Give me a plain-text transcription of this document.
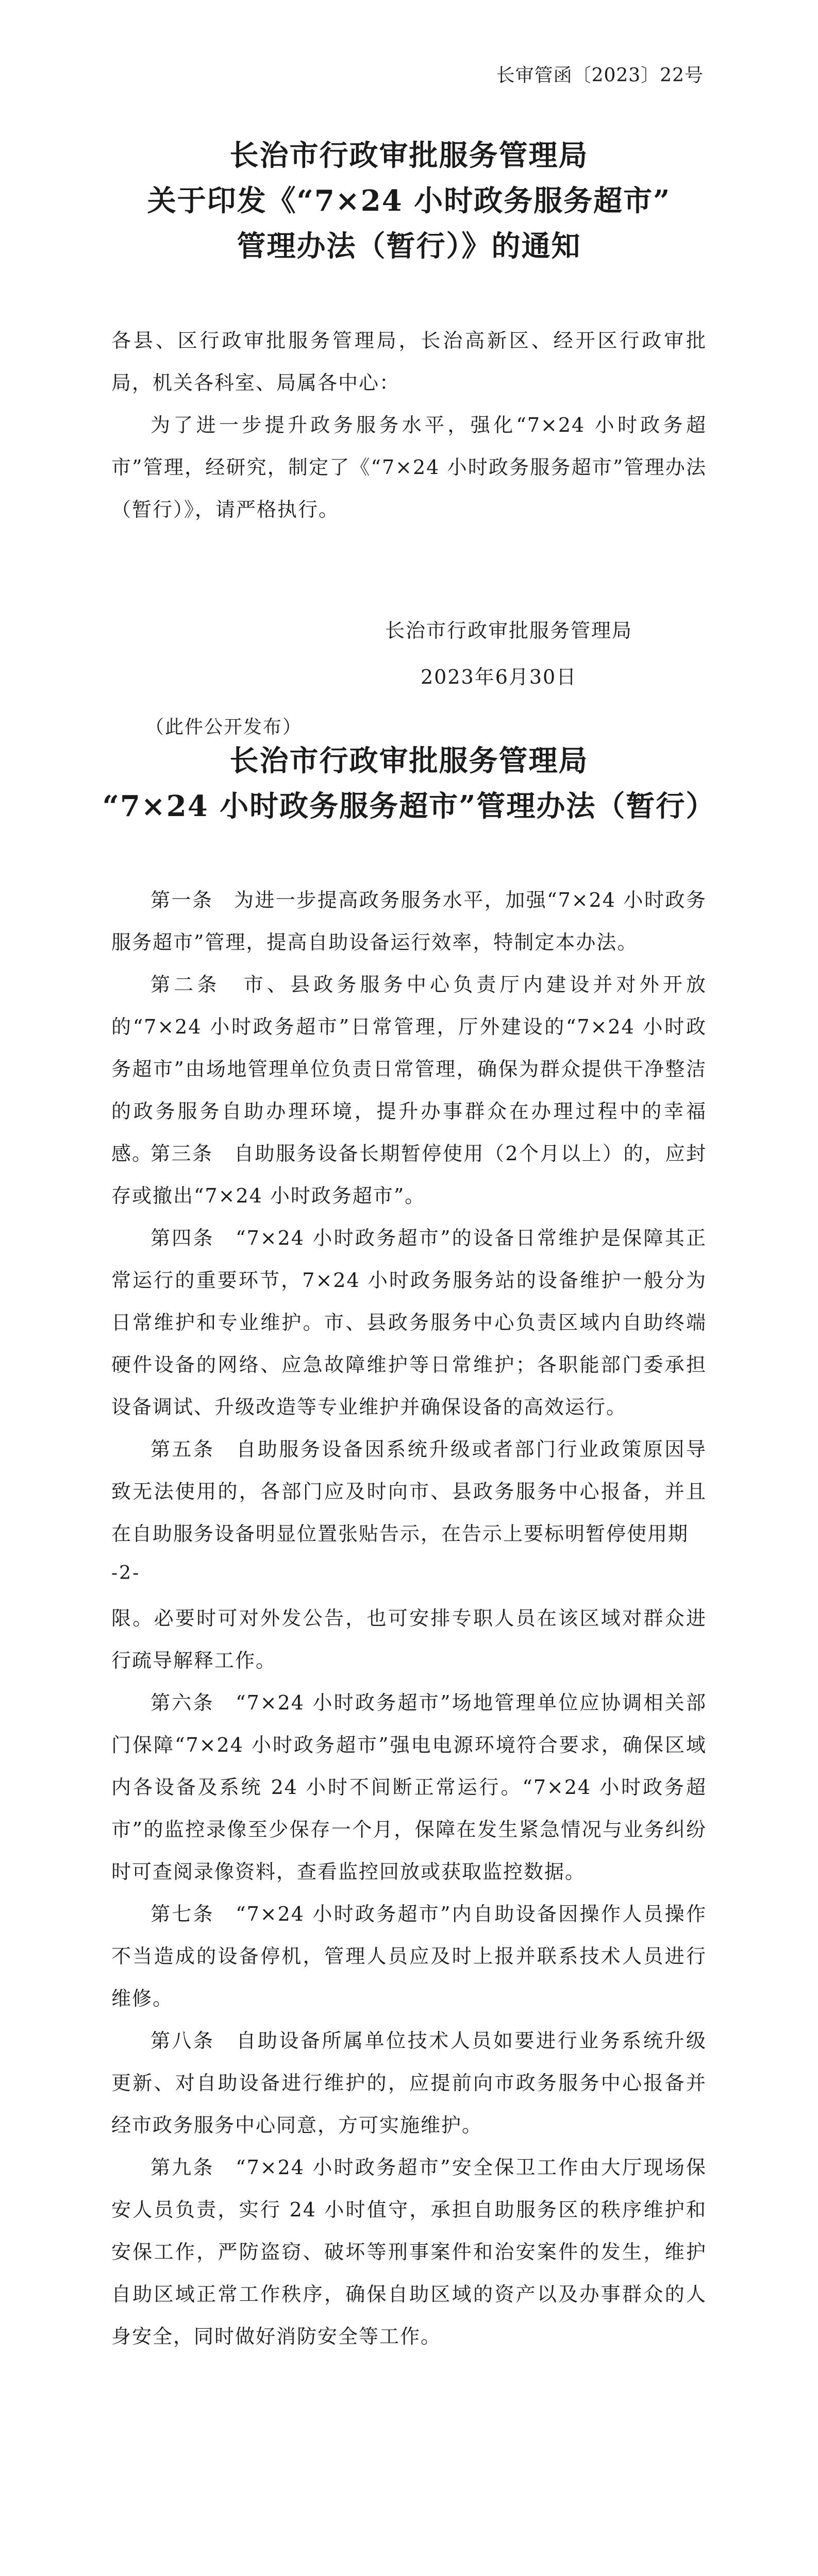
长审管函〔2023〕22号

长治市行政审批服务管理局

关于印发《“7×24 小时政务服务超市”

管理办法（暂行）》的通知

各县、区行政审批服务管理局，长治高新区、经开区行政审批局，机关各科室、局属各中心：

为了进一步提升政务服务水平，强化“7×24 小时政务超市”管理，经研究，制定了《“7×24 小时政务服务超市”管理办法（暂行）》，请严格执行。

长治市行政审批服务管理局
2023年6月30日
（此件公开发布）

长治市行政审批服务管理局

“7×24 小时政务服务超市”管理办法（暂行）

第一条　为进一步提高政务服务水平，加强“7×24 小时政务服务超市”管理，提高自助设备运行效率，特制定本办法。

第二条　市、县政务服务中心负责厅内建设并对外开放的“7×24 小时政务超市”日常管理，厅外建设的“7×24 小时政务超市”由场地管理单位负责日常管理，确保为群众提供干净整洁的政务服务自助办理环境，提升办事群众在办理过程中的幸福感。

第三条　自助服务设备长期暂停使用（2个月以上）的，应封存或撤出“7×24 小时政务超市”。

第四条　“7×24 小时政务超市”的设备日常维护是保障其正常运行的重要环节，7×24 小时政务服务站的设备维护一般分为日常维护和专业维护。市、县政务服务中心负责区域内自助终端硬件设备的网络、应急故障维护等日常维护；各职能部门委承担设备调试、升级改造等专业维护并确保设备的高效运行。

第五条　自助服务设备因系统升级或者部门行业政策原因导致无法使用的，各部门应及时向市、县政务服务中心报备，并且在自助服务设备明显位置张贴告示，在告示上要标明暂停使用期

-2-

限。必要时可对外发公告，也可安排专职人员在该区域对群众进行疏导解释工作。

第六条　“7×24 小时政务超市”场地管理单位应协调相关部门保障“7×24 小时政务超市”强电电源环境符合要求，确保区域内各设备及系统 24 小时不间断正常运行。“7×24 小时政务超市”的监控录像至少保存一个月，保障在发生紧急情况与业务纠纷时可查阅录像资料，查看监控回放或获取监控数据。

第七条　“7×24 小时政务超市”内自助设备因操作人员操作不当造成的设备停机，管理人员应及时上报并联系技术人员进行维修。

第八条　自助设备所属单位技术人员如要进行业务系统升级更新、对自助设备进行维护的，应提前向市政务服务中心报备并经市政务服务中心同意，方可实施维护。

第九条　“7×24 小时政务超市”安全保卫工作由大厅现场保安人员负责，实行 24 小时值守，承担自助服务区的秩序维护和安保工作，严防盗窃、破坏等刑事案件和治安案件的发生，维护自助区域正常工作秩序，确保自助区域的资产以及办事群众的人身安全，同时做好消防安全等工作。
